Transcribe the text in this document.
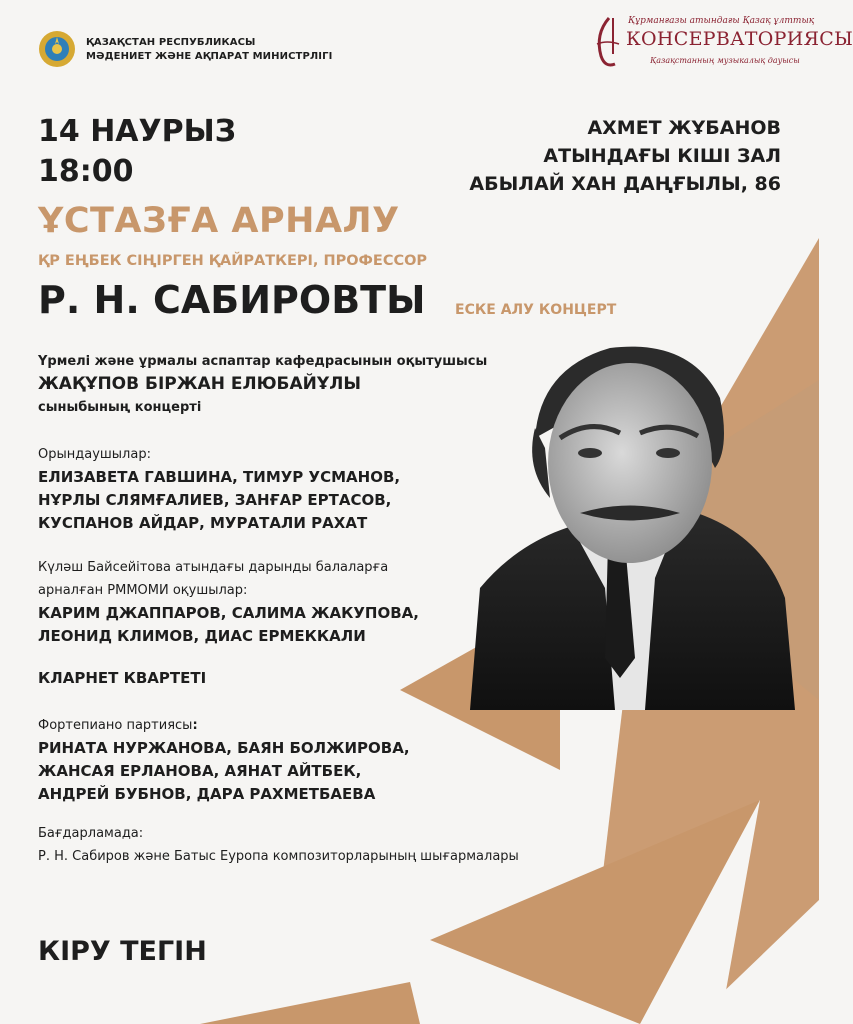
ҚАЗАҚСТАН РЕСПУБЛИКАСЫ
МӘДЕНИЕТ ЖӘНЕ АҚПАРАТ МИНИСТРЛІГІ
Құрманғазы атындағы Қазақ ұлттық
КОНСЕРВАТОРИЯСЫ
Қазақстанның музыкалық дауысы
14 НАУРЫЗ
18:00
АХМЕТ ЖҰБАНОВ
АТЫНДАҒЫ КІШІ ЗАЛ
АБЫЛАЙ ХАН ДАҢҒЫЛЫ, 86
ҰСТАЗҒА АРНАЛУ
ҚР ЕҢБЕК СІҢІРГЕН ҚАЙРАТКЕРІ, ПРОФЕССОР
Р. Н. САБИРОВТЫ ЕСКЕ АЛУ КОНЦЕРТ
Үрмелі және ұрмалы аспаптар кафедрасынын оқытушысы
ЖАҚҰПОВ БІРЖАН ЕЛЮБАЙҰЛЫ
сыныбының концерті
Орындаушылар:
ЕЛИЗАВЕТА ГАВШИНА, ТИМУР УСМАНОВ,
НҰРЛЫ СЛЯМҒАЛИЕВ, ЗАНҒАР ЕРТАСОВ,
КУСПАНОВ АЙДАР, МУРАТАЛИ РАХАТ
Күләш Байсейітова атындағы дарынды балаларға
арналған РММОМИ оқушылар:
КАРИМ ДЖАППАРОВ, САЛИМА ЖАКУПОВА,
ЛЕОНИД КЛИМОВ, ДИАС ЕРМЕККАЛИ
КЛАРНЕТ КВАРТЕТІ
Фортепиано партиясы:
РИНАТА НУРЖАНОВА, БАЯН БОЛЖИРОВА,
ЖАНСАЯ ЕРЛАНОВА, АЯНАТ АЙТБЕК,
АНДРЕЙ БУБНОВ, ДАРА РАХМЕТБАЕВА
Бағдарламада:
Р. Н. Сабиров және Батыс Еуропа композиторларының шығармалары
КІРУ ТЕГІН
